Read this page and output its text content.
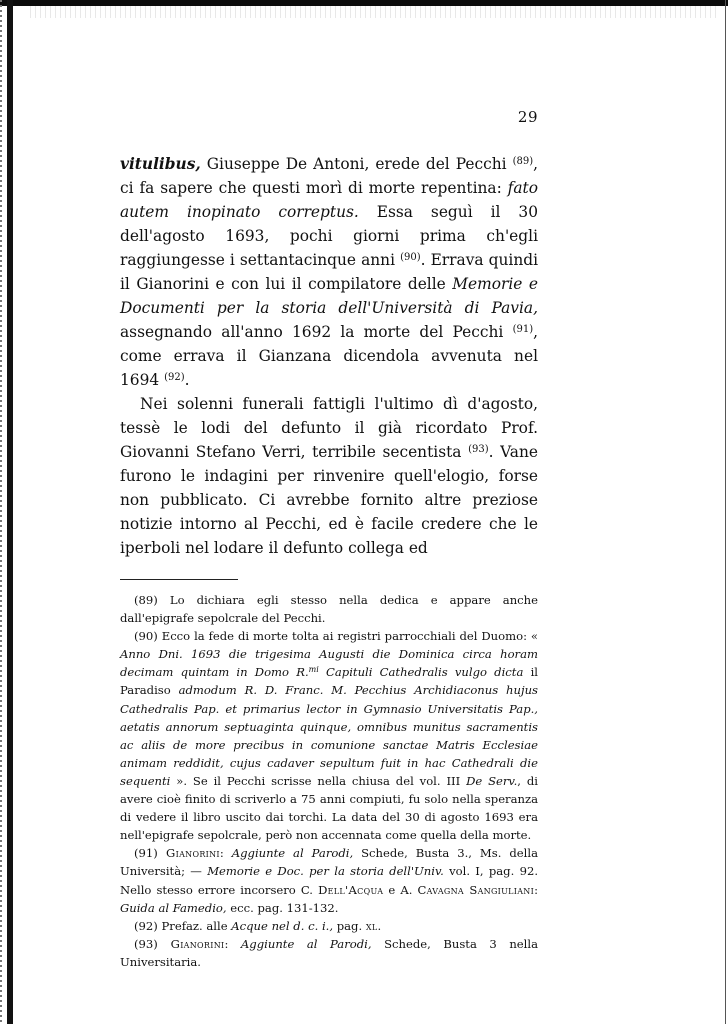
29

vitulibus, Giuseppe De Antoni, erede del Pecchi $^{(89)}$, ci fa sapere che questi morì di morte repentina: fato autem inopinato correptus. Essa seguì il 30 dell'agosto 1693, pochi giorni prima ch'egli raggiungesse i settantacinque anni $^{(90)}$. Errava quindi il Gianorini e con lui il compilatore delle Memorie e Documenti per la storia dell'Università di Pavia, assegnando all'anno 1692 la morte del Pecchi $^{(91)}$, come errava il Gianzana dicendola avvenuta nel 1694 $^{(92)}$.

Nei solenni funerali fattigli l'ultimo dì d'agosto, tessè le lodi del defunto il già ricordato Prof. Giovanni Stefano Verri, terribile secentista $^{(93)}$. Vane furono le indagini per rinvenire quell'elogio, forse non pubblicato. Ci avrebbe fornito altre preziose notizie intorno al Pecchi, ed è facile credere che le iperboli nel lodare il defunto collega ed

(89) Lo dichiara egli stesso nella dedica e appare anche dall'epigrafe sepolcrale del Pecchi.

(90) Ecco la fede di morte tolta ai registri parrocchiali del Duomo: « Anno Dni. 1693 die trigesima Augusti die Dominica circa horam decimam quintam in Domo R.$^{mi}$ Capituli Cathedralis vulgo dicta il Paradiso admodum R. D. Franc. M. Pecchius Archidiaconus hujus Cathedralis Pap. et primarius lector in Gymnasio Universitatis Pap., aetatis annorum septuaginta quinque, omnibus munitus sacramentis ac aliis de more precibus in comunione sanctae Matris Ecclesiae animam reddidit, cujus cadaver sepultum fuit in hac Cathedrali die sequenti ». Se il Pecchi scrisse nella chiusa del vol. III De Serv., di avere cioè finito di scriverlo a 75 anni compiuti, fu solo nella speranza di vedere il libro uscito dai torchi. La data del 30 di agosto 1693 era nell'epigrafe sepolcrale, però non accennata come quella della morte.

(91) Gianorini: Aggiunte al Parodi, Schede, Busta 3., Ms. della Università; — Memorie e Doc. per la storia dell'Univ. vol. I, pag. 92. Nello stesso errore incorsero C. Dell'Acqua e A. Cavagna Sangiuliani: Guida al Famedio, ecc. pag. 131-132.

(92) Prefaz. alle Acque nel d. c. i., pag. xl.

(93) Gianorini: Aggiunte al Parodi, Schede, Busta 3 nella Universitaria.
